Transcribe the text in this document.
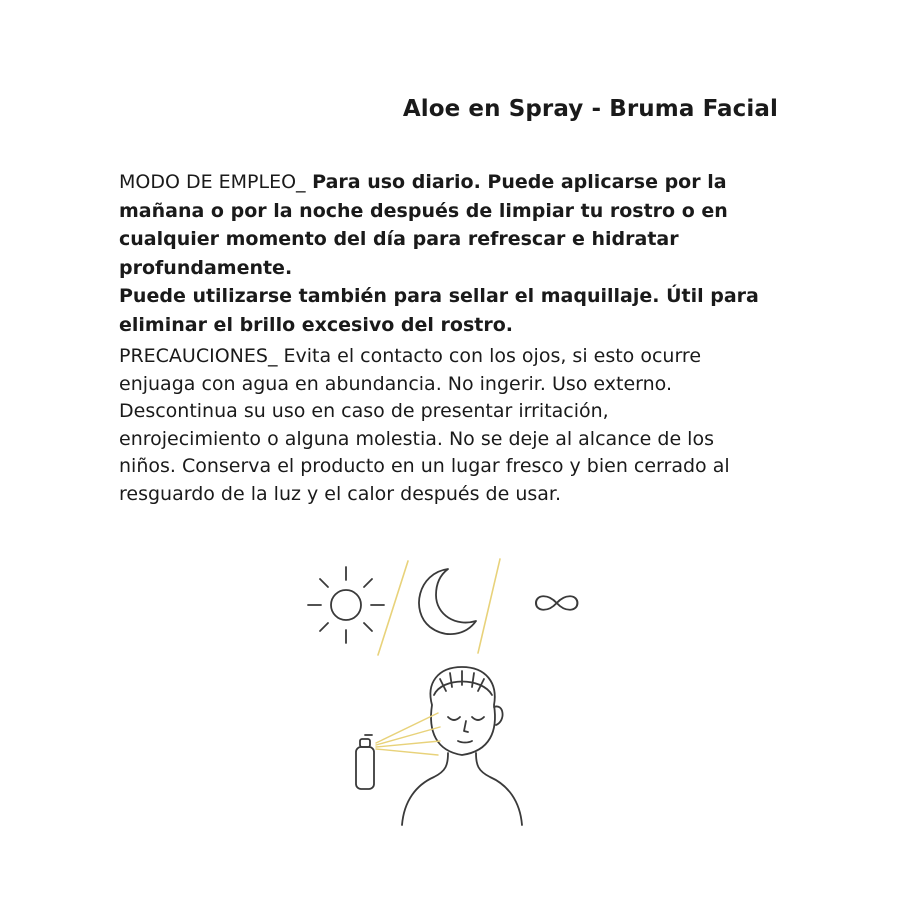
Aloe en Spray - Bruma Facial

MODO DE EMPLEO_ Para uso diario. Puede aplicarse por la
mañana o por la noche después de limpiar tu rostro o en
cualquier momento del día para refrescar e hidratar
profundamente.
Puede utilizarse también para sellar el maquillaje. Útil para
eliminar el brillo excesivo del rostro.

PRECAUCIONES_ Evita el contacto con los ojos, si esto ocurre
enjuaga con agua en abundancia. No ingerir. Uso externo.
Descontinua su uso en caso de presentar irritación,
enrojecimiento o alguna molestia. No se deje al alcance de los
niños. Conserva el producto en un lugar fresco y bien cerrado al
resguardo de la luz y el calor después de usar.
